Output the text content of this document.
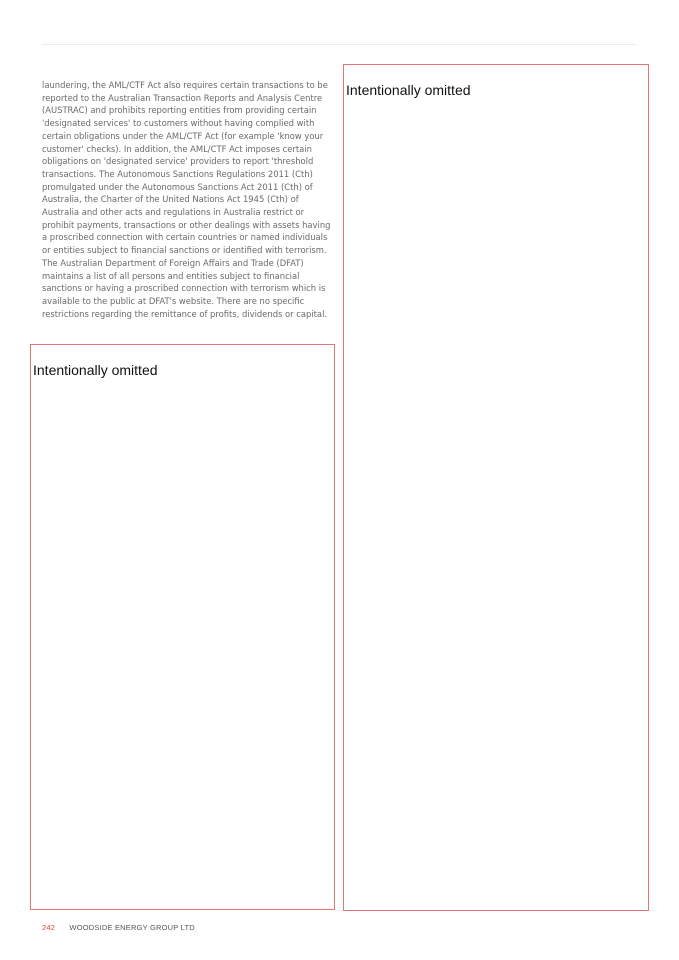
laundering, the AML/CTF Act also requires certain transactions to be reported to the Australian Transaction Reports and Analysis Centre (AUSTRAC) and prohibits reporting entities from providing certain 'designated services' to customers without having complied with certain obligations under the AML/CTF Act (for example 'know your customer' checks). In addition, the AML/CTF Act imposes certain obligations on 'designated service' providers to report 'threshold transactions. The Autonomous Sanctions Regulations 2011 (Cth) promulgated under the Autonomous Sanctions Act 2011 (Cth) of Australia, the Charter of the United Nations Act 1945 (Cth) of Australia and other acts and regulations in Australia restrict or prohibit payments, transactions or other dealings with assets having a proscribed connection with certain countries or named individuals or entities subject to financial sanctions or identified with terrorism. The Australian Department of Foreign Affairs and Trade (DFAT) maintains a list of all persons and entities subject to financial sanctions or having a proscribed connection with terrorism which is available to the public at DFAT's website. There are no specific restrictions regarding the remittance of profits, dividends or capital.

Intentionally omitted
Intentionally omitted
242 WOODSIDE ENERGY GROUP LTD
